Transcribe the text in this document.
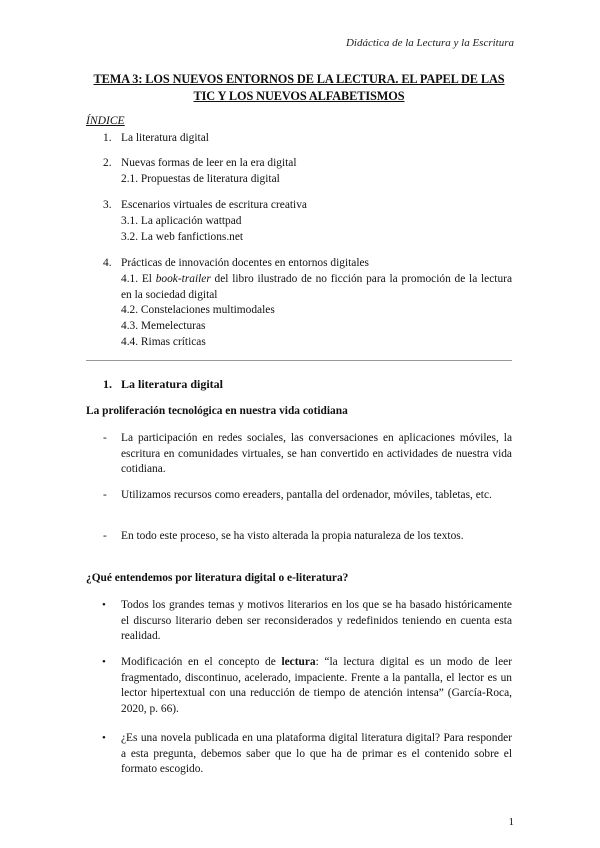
Didáctica de la Lectura y la Escritura
TEMA 3: LOS NUEVOS ENTORNOS DE LA LECTURA. EL PAPEL DE LAS
TIC Y LOS NUEVOS ALFABETISMOS
ÍNDICE
1. La literatura digital
2. Nuevas formas de leer en la era digital
2.1. Propuestas de literatura digital
3. Escenarios virtuales de escritura creativa
3.1. La aplicación wattpad
3.2. La web fanfictions.net
4. Prácticas de innovación docentes en entornos digitales
4.1. El book-trailer del libro ilustrado de no ficción para la promoción de la lectura en la sociedad digital
4.2. Constelaciones multimodales
4.3. Memelecturas
4.4. Rimas críticas
1. La literatura digital
La proliferación tecnológica en nuestra vida cotidiana
- La participación en redes sociales, las conversaciones en aplicaciones móviles, la escritura en comunidades virtuales, se han convertido en actividades de nuestra vida cotidiana.
- Utilizamos recursos como ereaders, pantalla del ordenador, móviles, tabletas, etc.
- En todo este proceso, se ha visto alterada la propia naturaleza de los textos.
¿Qué entendemos por literatura digital o e-literatura?
• Todos los grandes temas y motivos literarios en los que se ha basado históricamente el discurso literario deben ser reconsiderados y redefinidos teniendo en cuenta esta realidad.
• Modificación en el concepto de lectura: “la lectura digital es un modo de leer fragmentado, discontinuo, acelerado, impaciente. Frente a la pantalla, el lector es un lector hipertextual con una reducción de tiempo de atención intensa” (García-Roca, 2020, p. 66).
• ¿Es una novela publicada en una plataforma digital literatura digital? Para responder a esta pregunta, debemos saber que lo que ha de primar es el contenido sobre el formato escogido.
1
